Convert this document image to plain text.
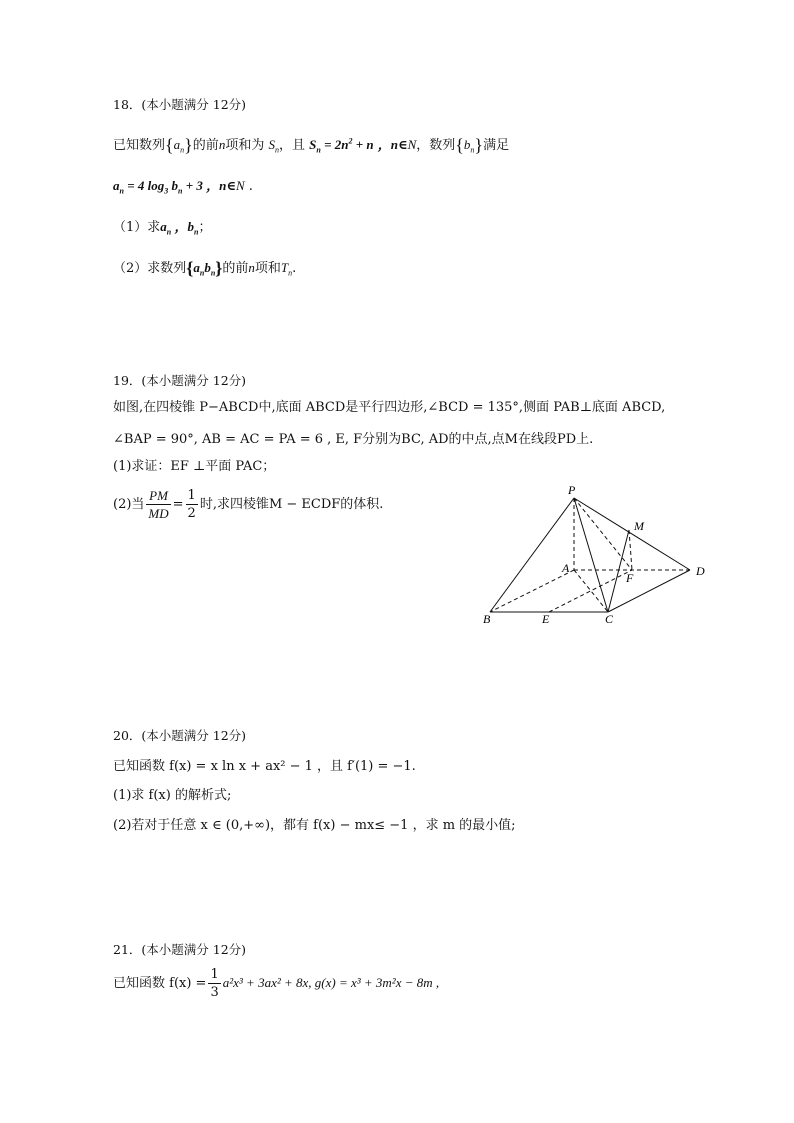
18．(本小题满分 12分)
已知数列$\{a_n\}$的前n项和为 $S_n$，且 $S_n = 2n^2 + n$ ，n∈N，数列$\{b_n\}$满足
$a_n = 4$ $\log_3 b_n + 3$ ，n∈N .
（1）求$a_n$ ，$b_n$；
（2）求数列$\{a_nb_n\}$的前n项和$T_n$.
19．(本小题满分 12分)
如图,在四棱锥 P−ABCD中,底面 ABCD是平行四边形,∠BCD = 135°,侧面 PAB⊥底面 ABCD,
∠BAP = 90°, AB = AC = PA = 6 , E, F分别为BC, AD的中点,点M在线段PD上.
(1)求证：EF ⊥平面 PAC；
(2)当 $\frac{PM}{MD} = \frac{1}{2}$ 时,求四棱锥M − ECDF的体积.
P
M
A
F	D
B	E	C
20．(本小题满分 12分)
已知函数 f(x) = x ln x + ax² − 1 ，且 f′(1) = −1.
(1)求 f(x) 的解析式;
(2)若对于任意 x ∈ (0,+∞)，都有 f(x) − mx≤ −1 ，求 m 的最小值;
21．(本小题满分 12分)
已知函数 $f(x) = \frac{1}{3} a^2x^3 + 3ax^2 + 8x$, g(x) = x³ + 3m²x − 8m ,
